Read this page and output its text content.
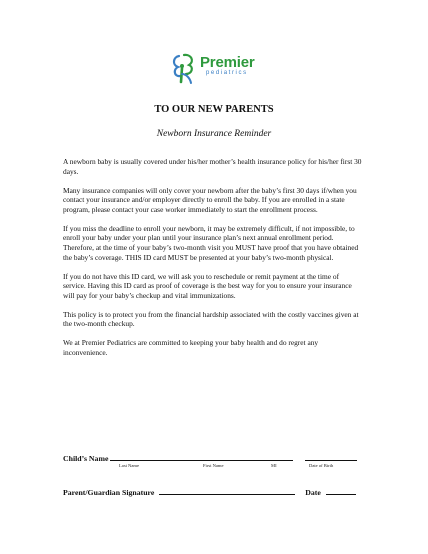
Premier
pediatrics
TO OUR NEW PARENTS
Newborn Insurance Reminder

A newborn baby is usually covered under his/her mother’s health insurance policy for his/her first 30 days.

Many insurance companies will only cover your newborn after the baby’s first 30 days if/when you contact your insurance and/or employer directly to enroll the baby. If you are enrolled in a state program, please contact your case worker immediately to start the enrollment process.

If you miss the deadline to enroll your newborn, it may be extremely difficult, if not impossible, to enroll your baby under your plan until your insurance plan’s next annual enrollment period. Therefore, at the time of your baby’s two-month visit you MUST have proof that you have obtained the baby’s coverage. THIS ID card MUST be presented at your baby’s two-month physical.

If you do not have this ID card, we will ask you to reschedule or remit payment at the time of service. Having this ID card as proof of coverage is the best way for you to ensure your insurance will pay for your baby’s checkup and vital immunizations.

This policy is to protect you from the financial hardship associated with the costly vaccines given at the two-month checkup.

We at Premier Pediatrics are committed to keeping your baby health and do regret any inconvenience.

Child’s Name
Last Name	First Name	MI	Date of Birth
Parent/Guardian Signature	Date
